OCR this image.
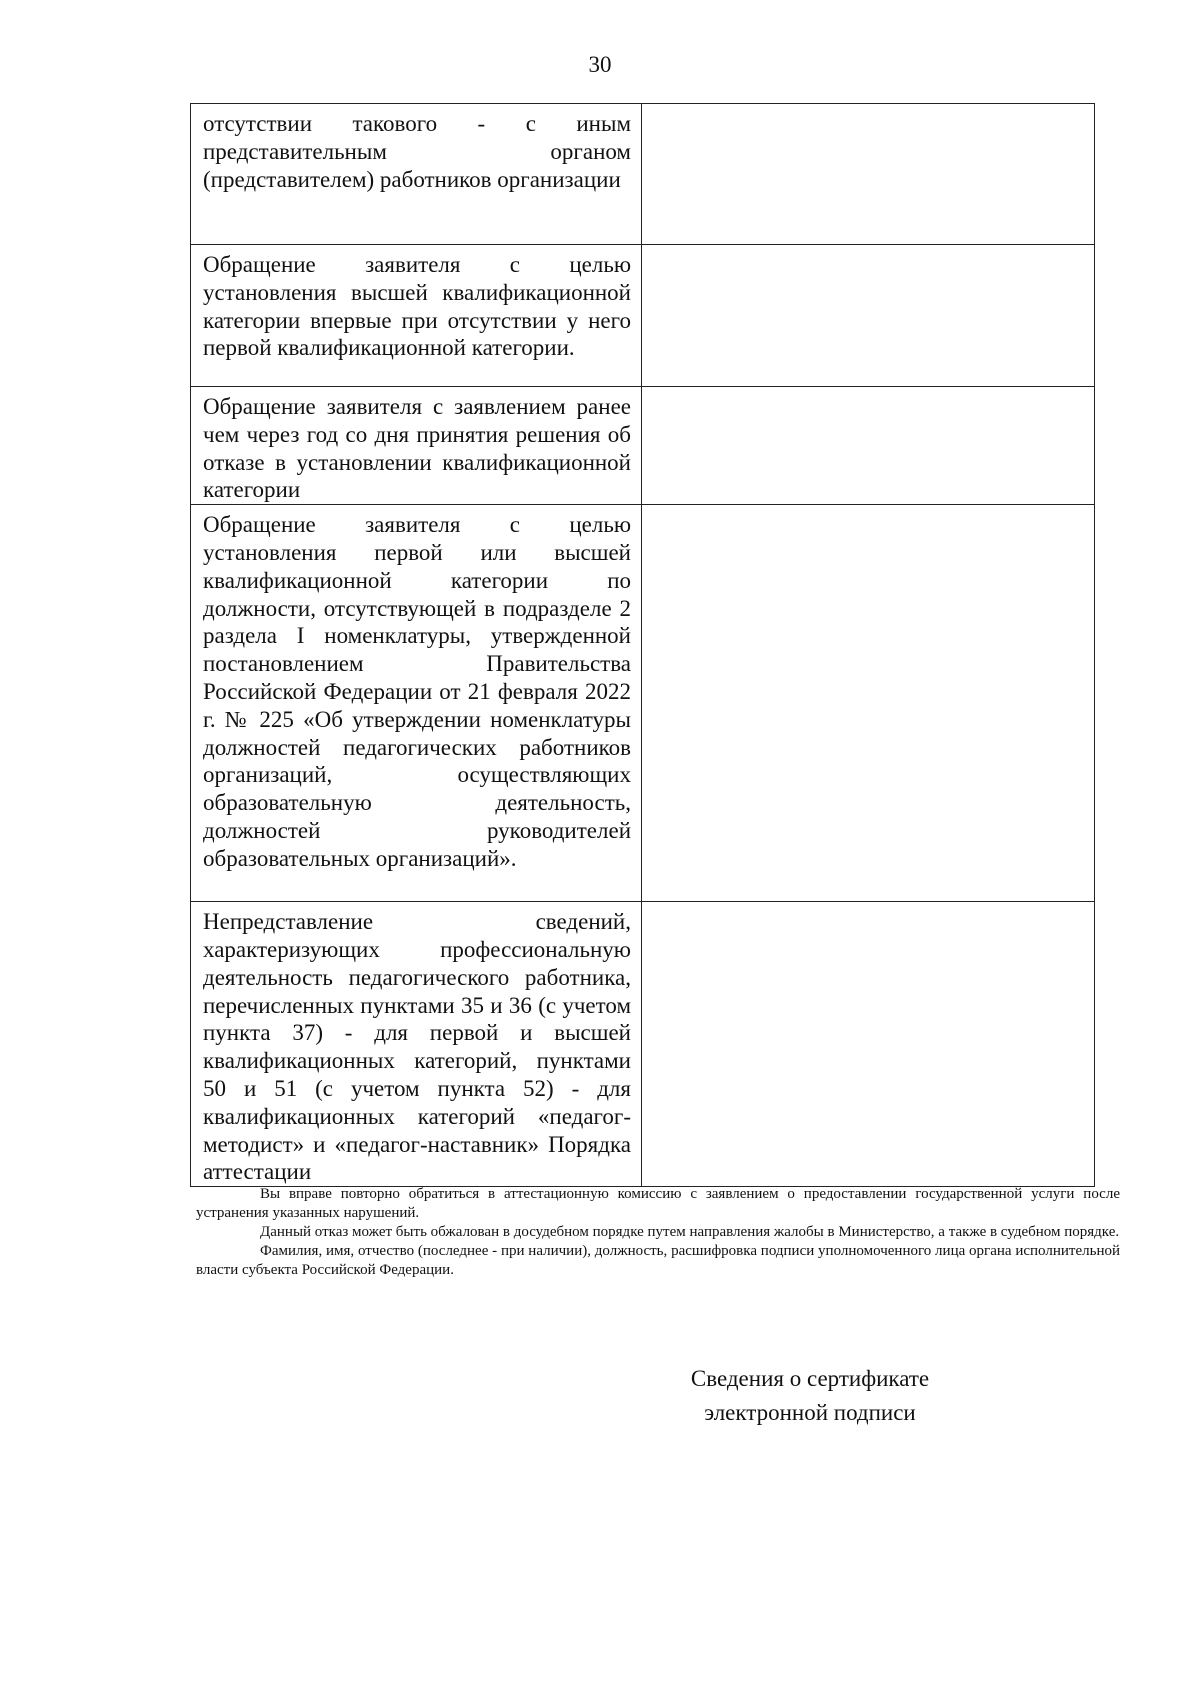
30

отсутствии такового - с иным представительным органом (представителем) работников организации	

Обращение заявителя с целью установления высшей квалификационной категории впервые при отсутствии у него первой квалификационной категории.	

Обращение заявителя с заявлением ранее чем через год со дня принятия решения об отказе в установлении квалификационной категории	

Обращение заявителя с целью установления первой или высшей квалификационной категории по должности, отсутствующей в подразделе 2 раздела I номенклатуры, утвержденной постановлением Правительства Российской Федерации от 21 февраля 2022 г. № 225 «Об утверждении номенклатуры должностей педагогических работников организаций, осуществляющих образовательную деятельность, должностей руководителей образовательных организаций».	

Непредставление сведений, характеризующих профессиональную деятельность педагогического работника, перечисленных пунктами 35 и 36 (с учетом пункта 37) - для первой и высшей квалификационных категорий, пунктами 50 и 51 (с учетом пункта 52) - для квалификационных категорий «педагог-методист» и «педагог-наставник» Порядка аттестации	

Вы вправе повторно обратиться в аттестационную комиссию с заявлением о предоставлении государственной услуги после устранения указанных нарушений.

Данный отказ может быть обжалован в досудебном порядке путем направления жалобы в Министерство, а также в судебном порядке.

Фамилия, имя, отчество (последнее - при наличии), должность, расшифровка подписи уполномоченного лица органа исполнительной власти субъекта Российской Федерации.

Сведения о сертификате
электронной подписи
